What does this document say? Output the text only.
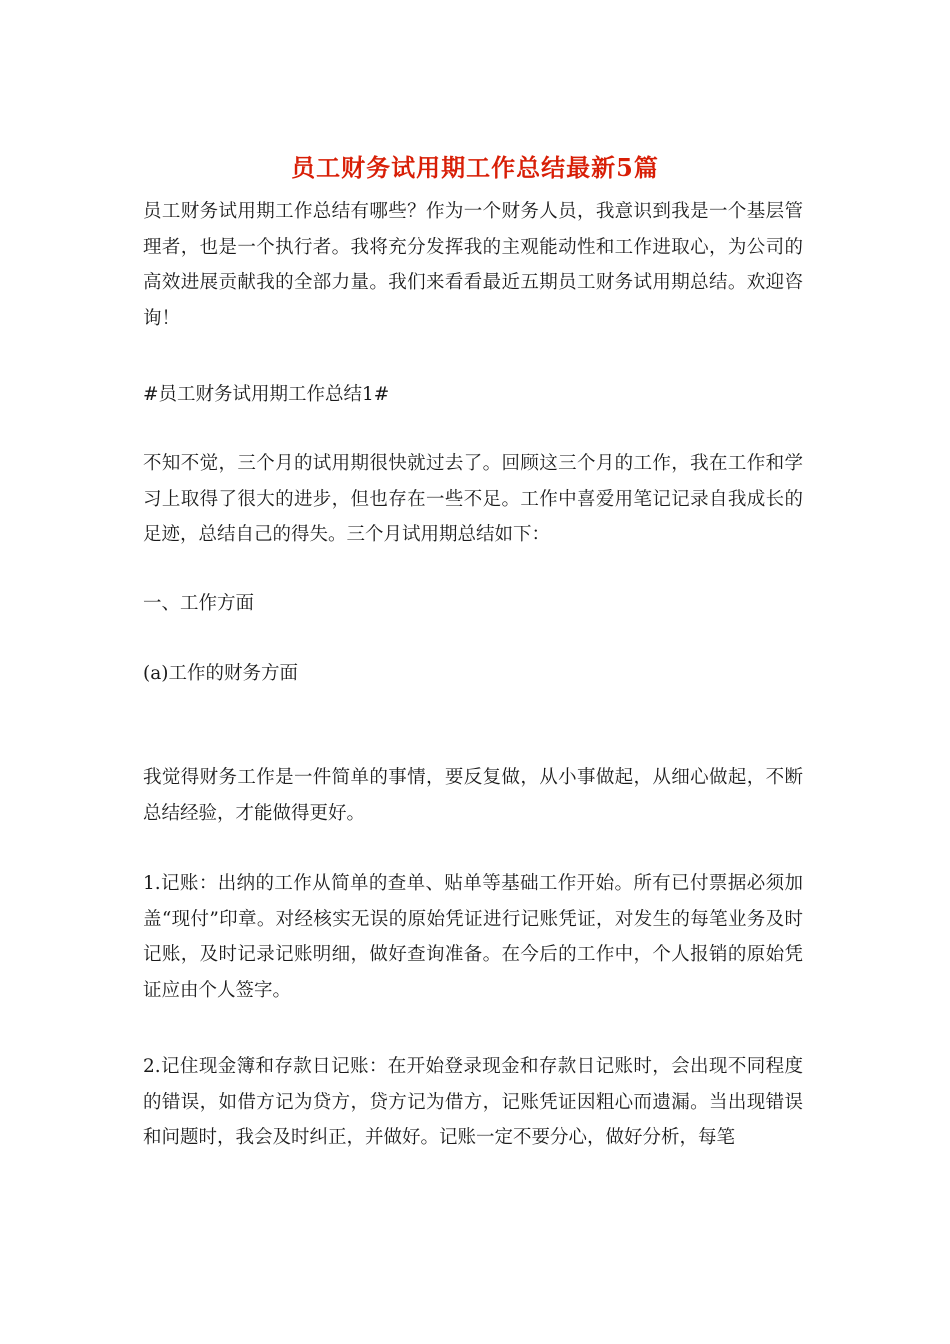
员工财务试用期工作总结最新5篇

员工财务试用期工作总结有哪些？作为一个财务人员，我意识到我是一个基层管理者，也是一个执行者。我将充分发挥我的主观能动性和工作进取心，为公司的高效进展贡献我的全部力量。我们来看看最近五期员工财务试用期总结。欢迎咨询！

#员工财务试用期工作总结1#

不知不觉，三个月的试用期很快就过去了。回顾这三个月的工作，我在工作和学习上取得了很大的进步，但也存在一些不足。工作中喜爱用笔记记录自我成长的足迹，总结自己的得失。三个月试用期总结如下：

一、工作方面

(a)工作的财务方面

我觉得财务工作是一件简单的事情，要反复做，从小事做起，从细心做起，不断总结经验，才能做得更好。

1.记账：出纳的工作从简单的查单、贴单等基础工作开始。所有已付票据必须加盖“现付”印章。对经核实无误的原始凭证进行记账凭证，对发生的每笔业务及时记账，及时记录记账明细，做好查询准备。在今后的工作中，个人报销的原始凭证应由个人签字。

2.记住现金簿和存款日记账：在开始登录现金和存款日记账时，会出现不同程度的错误，如借方记为贷方，贷方记为借方，记账凭证因粗心而遗漏。当出现错误和问题时，我会及时纠正，并做好。记账一定不要分心，做好分析，每笔
